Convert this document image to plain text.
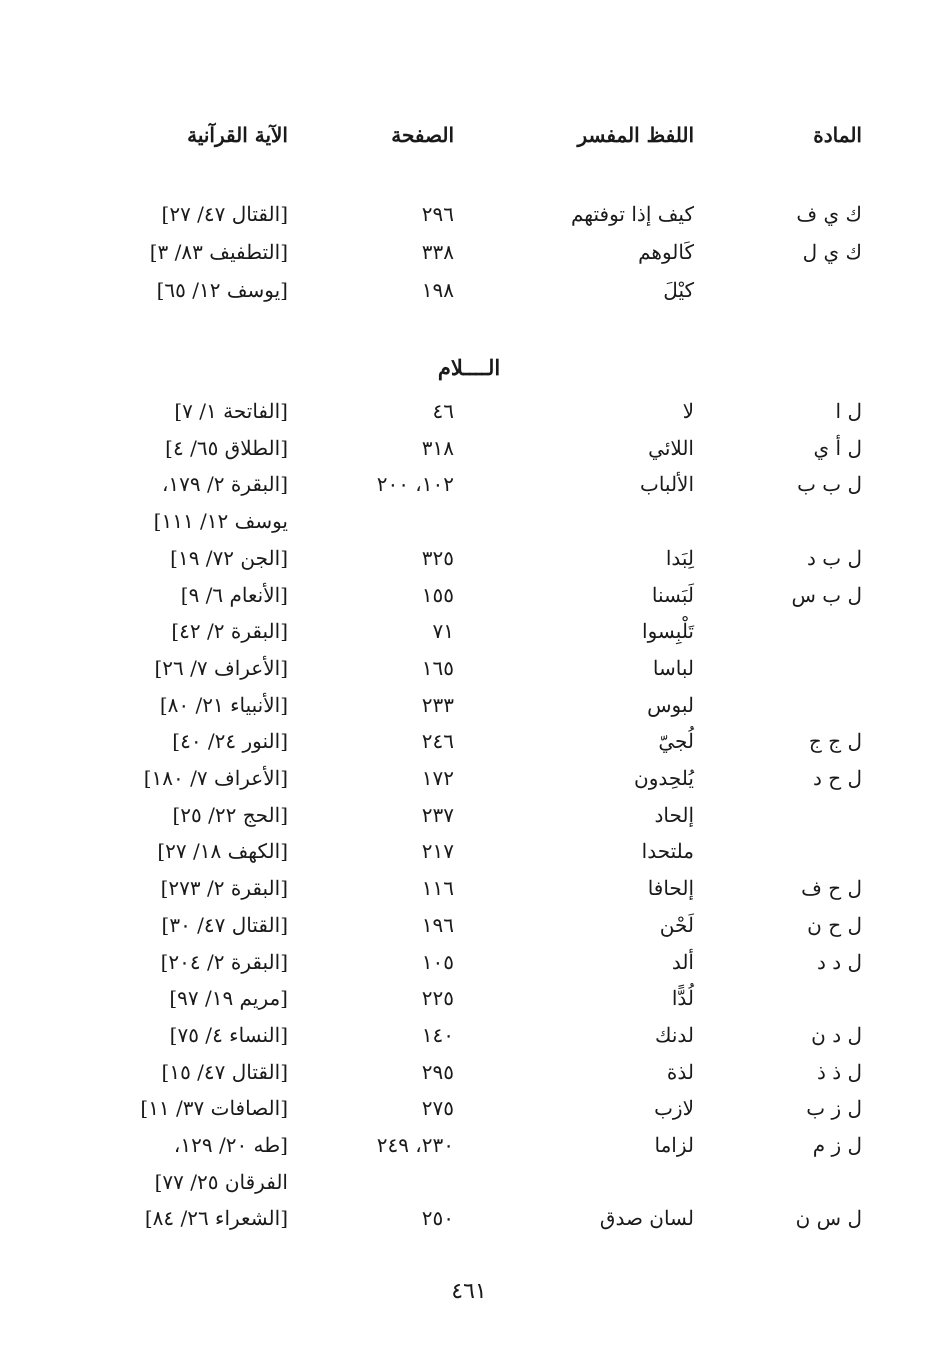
المادة
اللفظ المفسر
الصفحة
الآية القرآنية
ك ي ف
كيف إذا توفتهم
٢٩٦
[القتال ٤٧/ ٢٧]
ك ي ل
كَالوهم
٣٣٨
[التطفيف ٨٣/ ٣]
كيْلَ
١٩٨
[يوسف ١٢/ ٦٥]
الــــلام
ل ا
لا
٤٦
[الفاتحة ١/ ٧]
ل أ ي
اللائي
٣١٨
[الطلاق ٦٥/ ٤]
ل ب ب
الألباب
١٠٢، ٢٠٠
[البقرة ٢/ ١٧٩،
يوسف ١٢/ ١١١]
ل ب د
لِبَدا
٣٢٥
[الجن ٧٢/ ١٩]
ل ب س
لَبَسنا
١٥٥
[الأنعام ٦/ ٩]
تَلْبِسوا
٧١
[البقرة ٢/ ٤٢]
لباسا
١٦٥
[الأعراف ٧/ ٢٦]
لبوس
٢٣٣
[الأنبياء ٢١/ ٨٠]
ل ج ج
لُجيّ
٢٤٦
[النور ٢٤/ ٤٠]
ل ح د
يُلحِدون
١٧٢
[الأعراف ٧/ ١٨٠]
إلحاد
٢٣٧
[الحج ٢٢/ ٢٥]
ملتحدا
٢١٧
[الكهف ١٨/ ٢٧]
ل ح ف
إلحافا
١١٦
[البقرة ٢/ ٢٧٣]
ل ح ن
لَحْن
١٩٦
[القتال ٤٧/ ٣٠]
ل د د
ألد
١٠٥
[البقرة ٢/ ٢٠٤]
لُدًّا
٢٢٥
[مريم ١٩/ ٩٧]
ل د ن
لدنك
١٤٠
[النساء ٤/ ٧٥]
ل ذ ذ
لذة
٢٩٥
[القتال ٤٧/ ١٥]
ل ز ب
لازب
٢٧٥
[الصافات ٣٧/ ١١]
ل ز م
لزاما
٢٣٠، ٢٤٩
[طه ٢٠/ ١٢٩،
الفرقان ٢٥/ ٧٧]
ل س ن
لسان صدق
٢٥٠
[الشعراء ٢٦/ ٨٤]
٤٦١
